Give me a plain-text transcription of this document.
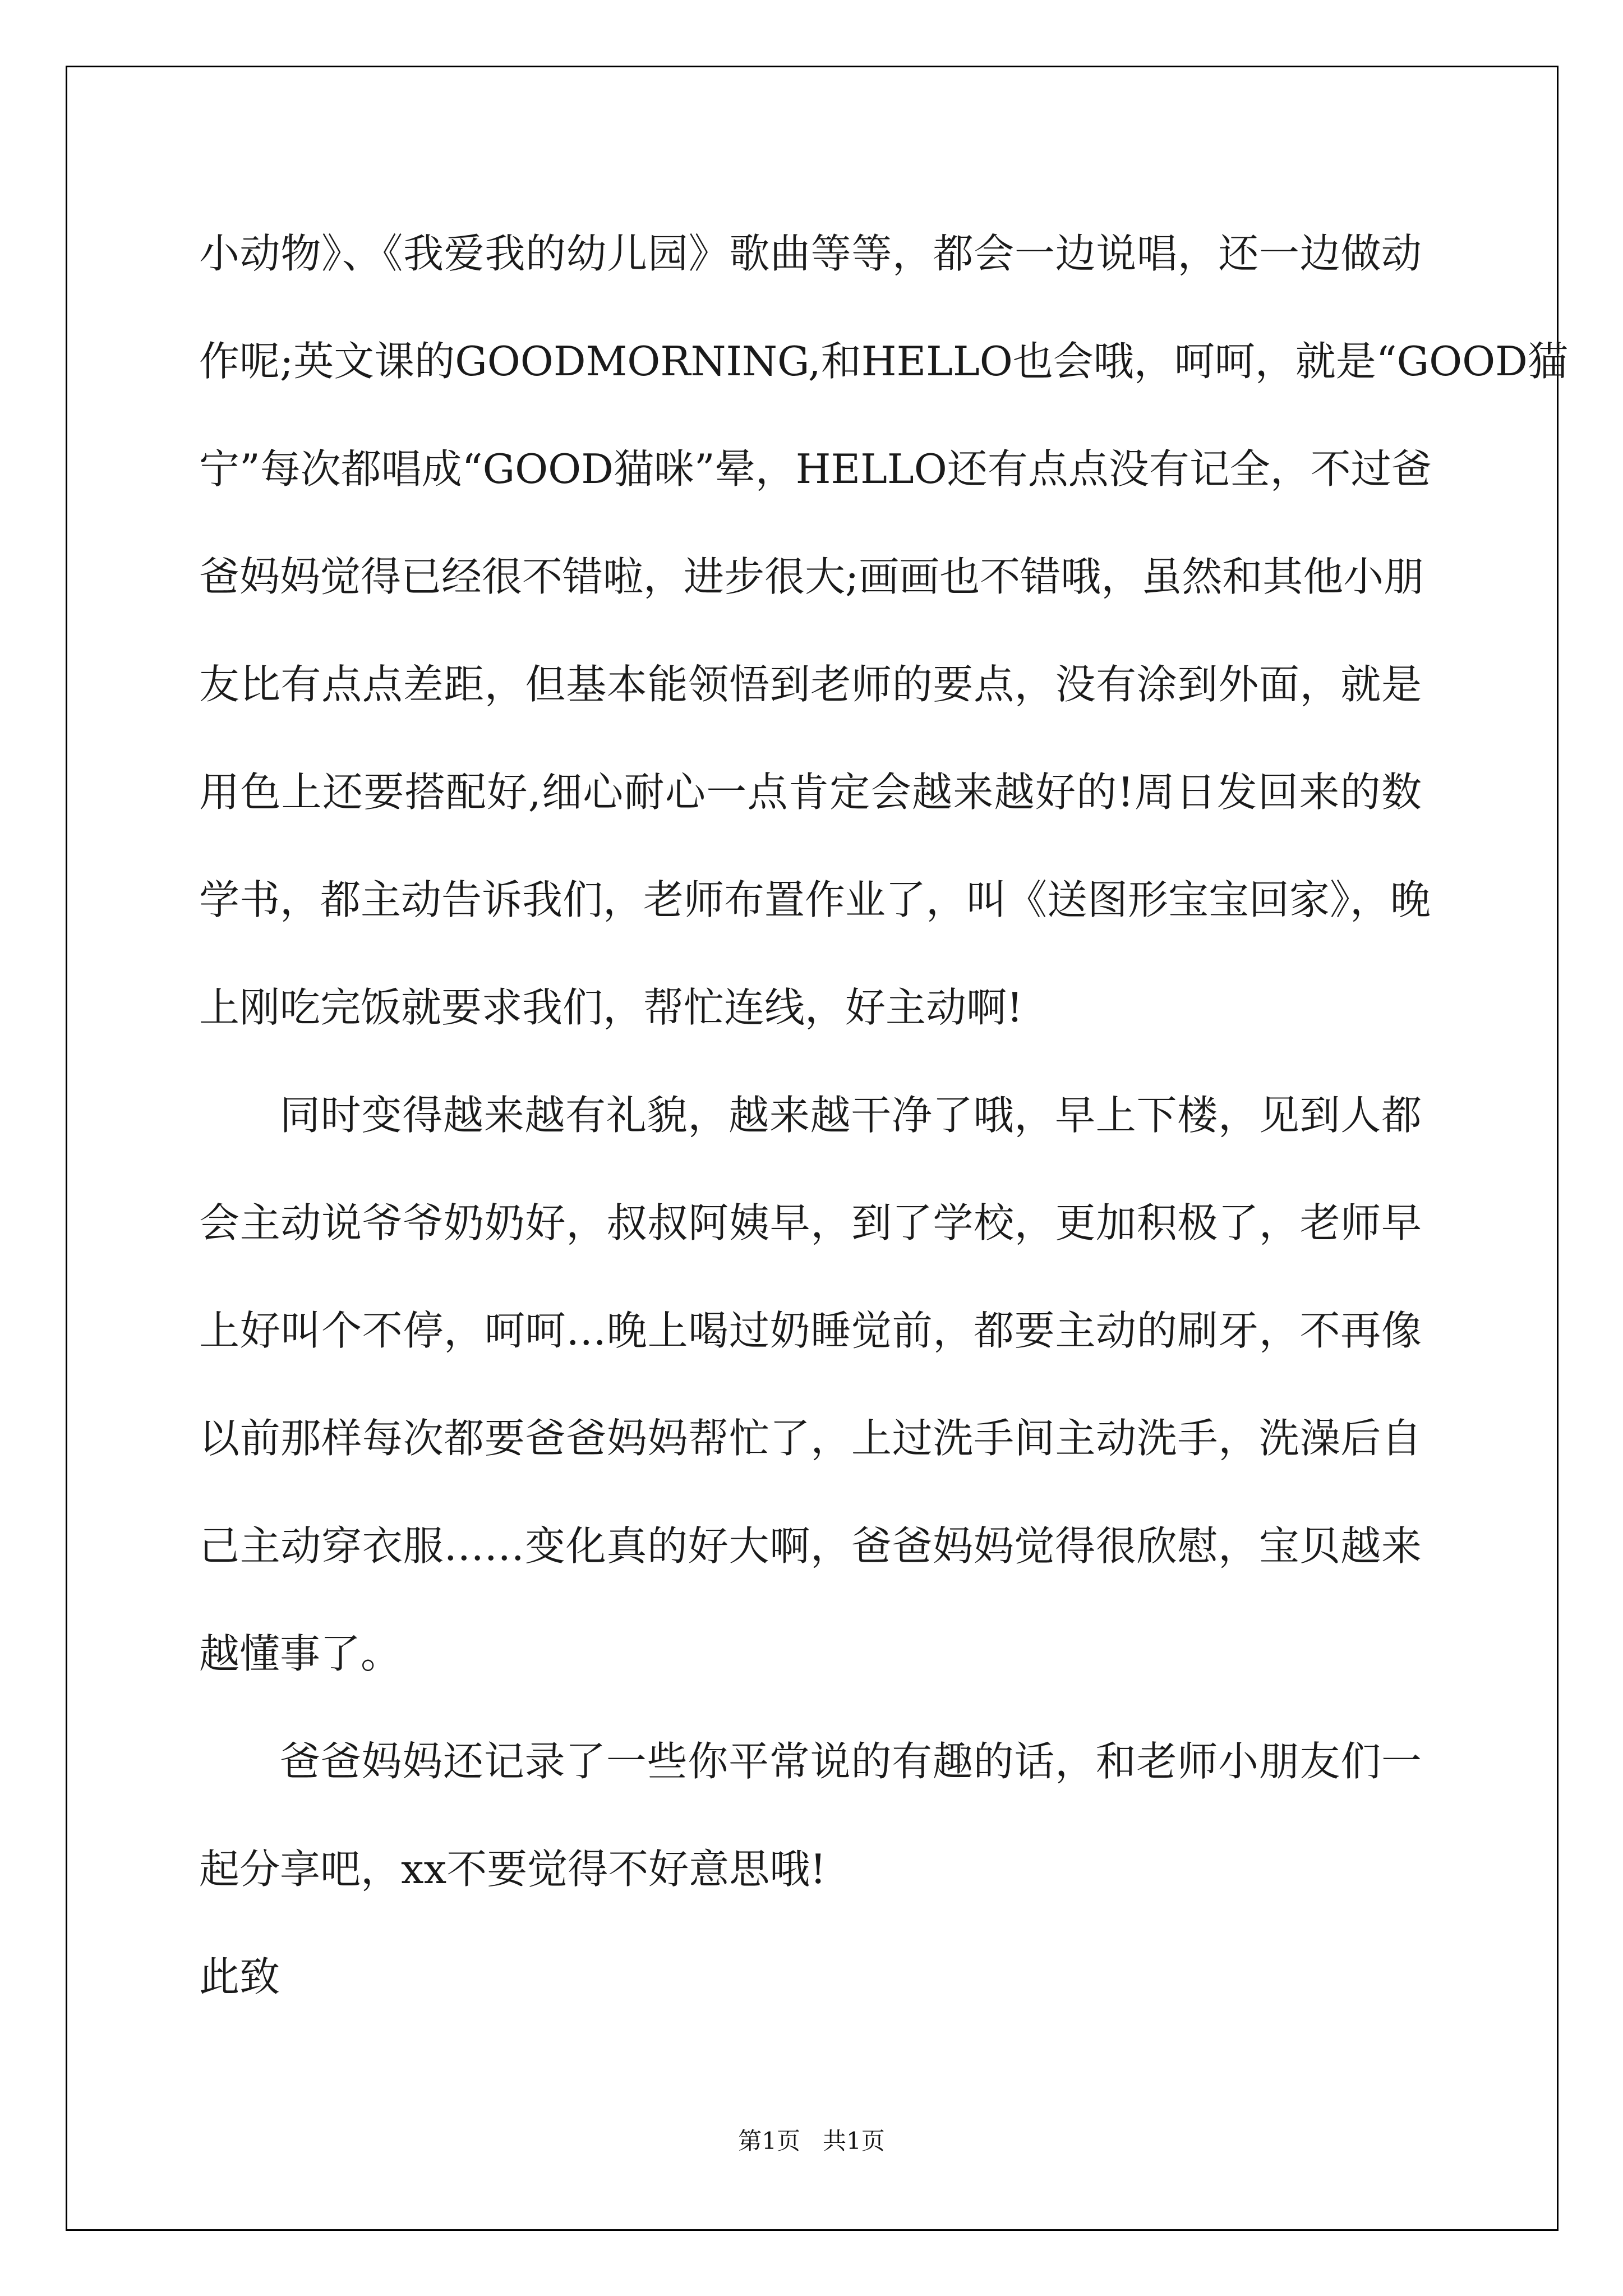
小动物》、《我爱我的幼儿园》歌曲等等，都会一边说唱，还一边做动
作呢;英文课的GOODMORNING,和HELLO也会哦，呵呵，就是“GOOD猫
宁”每次都唱成“GOOD猫咪”晕，HELLO还有点点没有记全，不过爸
爸妈妈觉得已经很不错啦，进步很大;画画也不错哦，虽然和其他小朋
友比有点点差距，但基本能领悟到老师的要点，没有涂到外面，就是
用色上还要搭配好,细心耐心一点肯定会越来越好的!周日发回来的数
学书，都主动告诉我们，老师布置作业了，叫《送图形宝宝回家》，晚
上刚吃完饭就要求我们，帮忙连线，好主动啊!
同时变得越来越有礼貌，越来越干净了哦，早上下楼，见到人都
会主动说爷爷奶奶好，叔叔阿姨早，到了学校，更加积极了，老师早
上好叫个不停，呵呵…晚上喝过奶睡觉前，都要主动的刷牙，不再像
以前那样每次都要爸爸妈妈帮忙了，上过洗手间主动洗手，洗澡后自
己主动穿衣服……变化真的好大啊，爸爸妈妈觉得很欣慰，宝贝越来
越懂事了。
爸爸妈妈还记录了一些你平常说的有趣的话，和老师小朋友们一
起分享吧，xx不要觉得不好意思哦!
此致
第1页   共1页
